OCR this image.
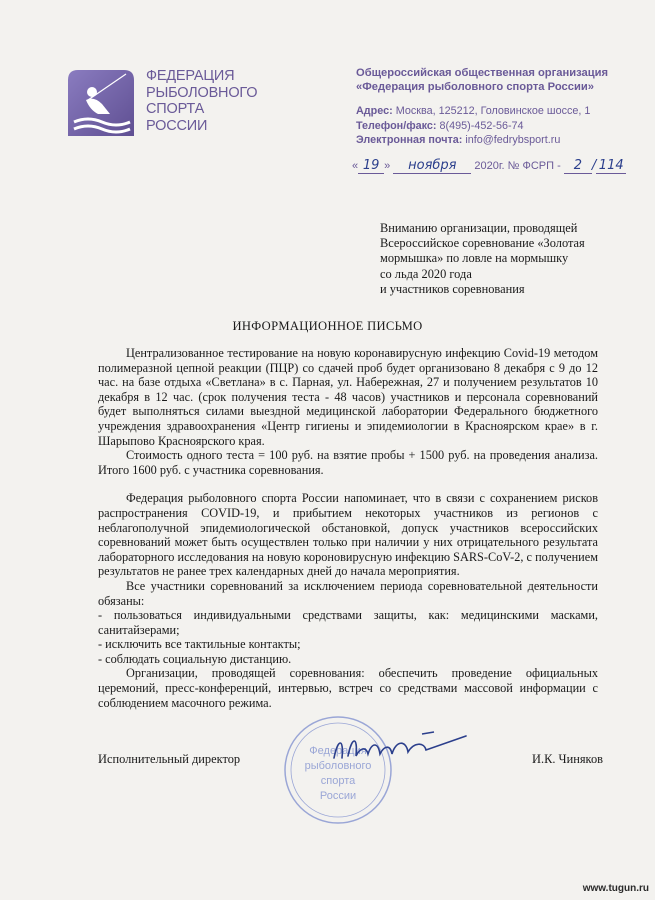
ФЕДЕРАЦИЯ
РЫБОЛОВНОГО
СПОРТА
РОССИИ
Общероссийская общественная организация
«Федерация рыболовного спорта России»
Адрес: Москва, 125212, Головинское шоссе, 1
Телефон/факс: 8(495)-452-56-74
Электронная почта: info@fedrybsport.ru
« 19 » ноября 2020г. № ФСРП - 2 / 114
Вниманию организации, проводящей
Всероссийское соревнование «Золотая
мормышка» по ловле на мормышку
со льда 2020 года
и участников соревнования
ИНФОРМАЦИОННОЕ ПИСЬМО

Централизованное тестирование на новую коронавирусную инфекцию Covid-19 методом полимеразной цепной реакции (ПЦР) со сдачей проб будет организовано 8 декабря с 9 до 12 час. на базе отдыха «Светлана» в с. Парная, ул. Набережная, 27 и получением результатов 10 декабря в 12 час. (срок получения теста - 48 часов) участников и персонала соревнований будет выполняться силами выездной медицинской лаборатории Федерального бюджетного учреждения здравоохранения «Центр гигиены и эпидемиологии в Красноярском крае» в г. Шарыпово Красноярского края.

Стоимость одного теста = 100 руб. на взятие пробы + 1500 руб. на проведения анализа. Итого 1600 руб. с участника соревнования.

Федерация рыболовного спорта России напоминает, что в связи с сохранением рисков распространения COVID-19, и прибытием некоторых участников из регионов с неблагополучной эпидемиологической обстановкой, допуск участников всероссийских соревнований может быть осуществлен только при наличии у них отрицательного результата лабораторного исследования на новую короновирусную инфекцию SARS-CoV-2, с получением результатов не ранее трех календарных дней до начала мероприятия.

Все участники соревнований за исключением периода соревновательной деятельности обязаны:

- пользоваться индивидуальными средствами защиты, как: медицинскими масками, санитайзерами;

- исключить все тактильные контакты;

- соблюдать социальную дистанцию.

Организации, проводящей соревнования: обеспечить проведение официальных церемоний, пресс-конференций, интервью, встреч со средствами массовой информации с соблюдением масочного режима.

Федерация
рыболовного
спорта
России
Исполнительный директор	И.К. Чиняков
www.tugun.ru
